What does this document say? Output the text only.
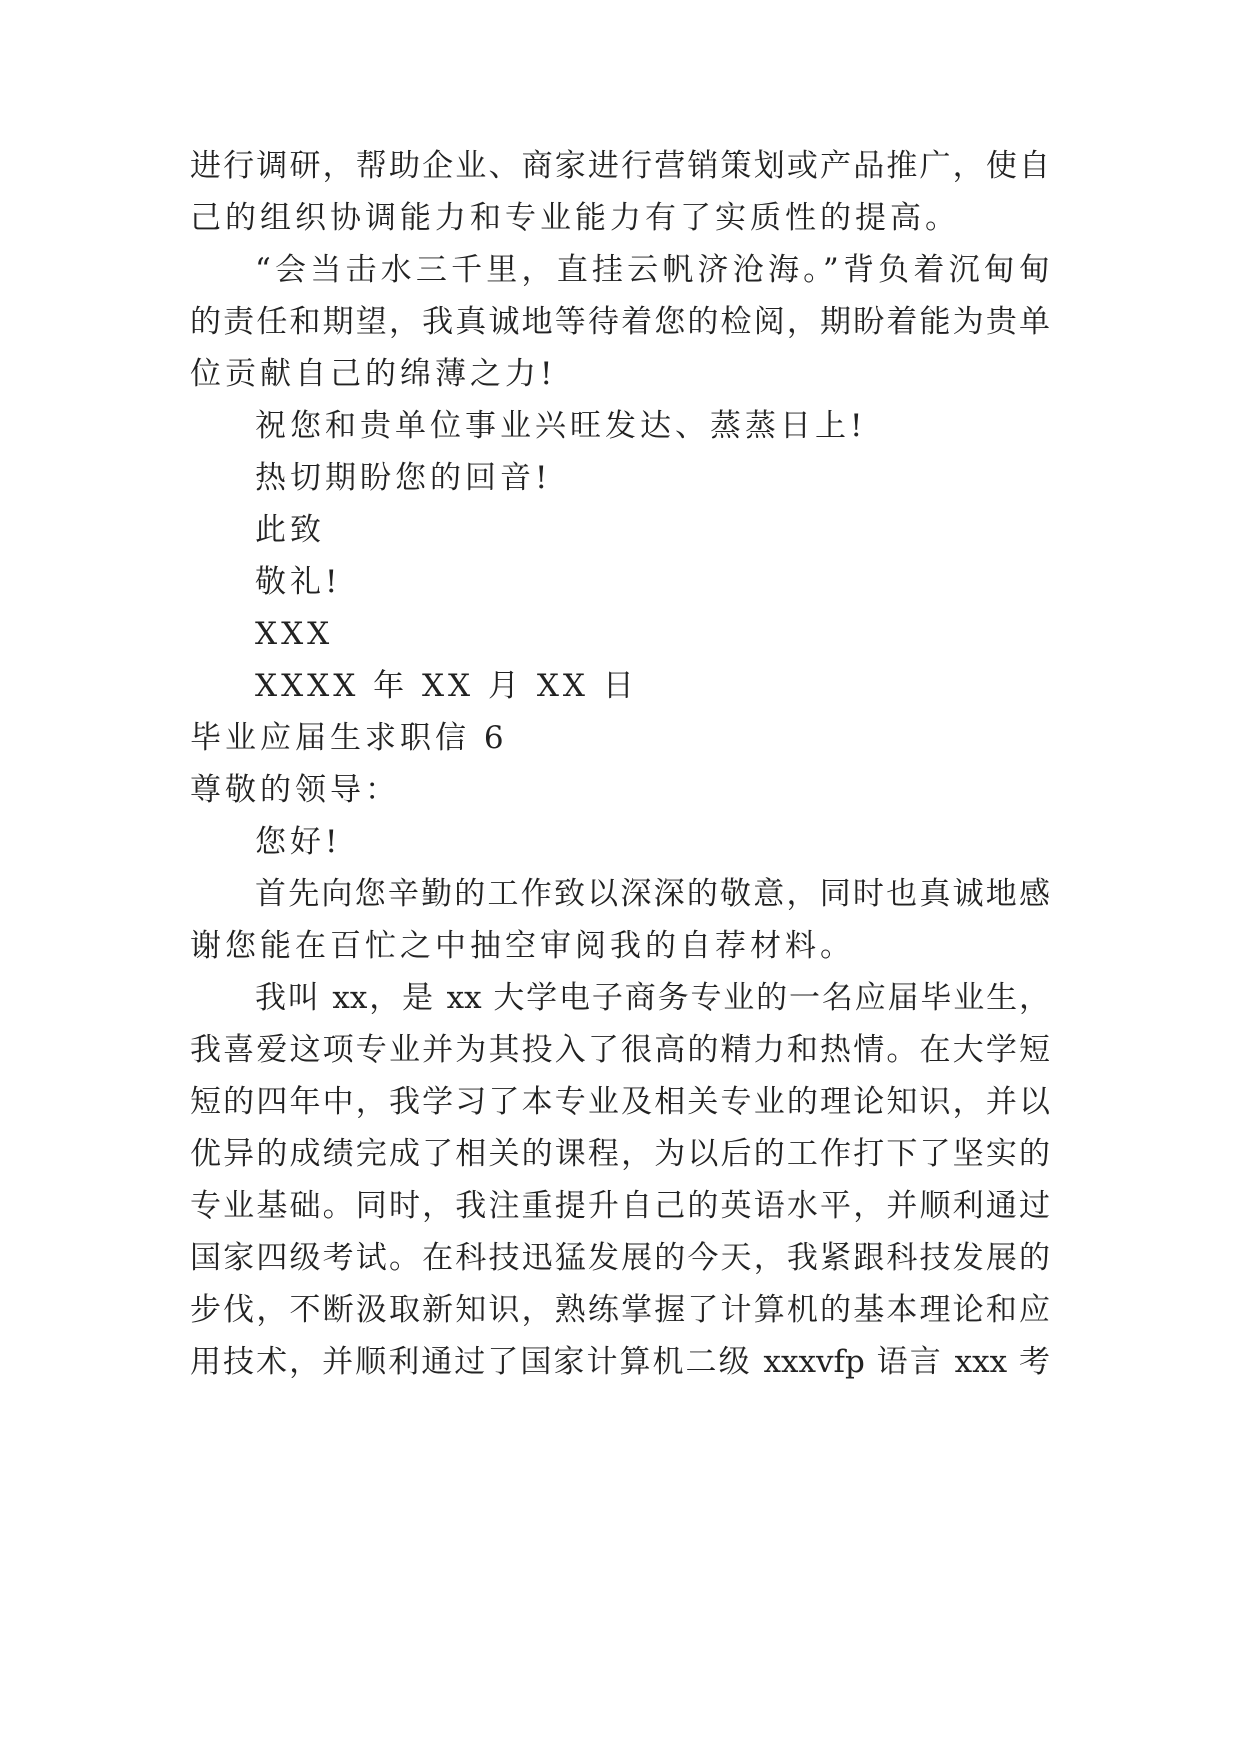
进行调研，帮助企业、商家进行营销策划或产品推广，使自
己的组织协调能力和专业能力有了实质性的提高。
“会当击水三千里，直挂云帆济沧海。”背负着沉甸甸
的责任和期望，我真诚地等待着您的检阅，期盼着能为贵单
位贡献自己的绵薄之力!
祝您和贵单位事业兴旺发达、蒸蒸日上!
热切期盼您的回音!
此致
敬礼!
XXX
XXXX 年 XX 月 XX 日
毕业应届生求职信 6
尊敬的领导：
您好!
首先向您辛勤的工作致以深深的敬意，同时也真诚地感
谢您能在百忙之中抽空审阅我的自荐材料。
我叫 xx，是 xx 大学电子商务专业的一名应届毕业生，
我喜爱这项专业并为其投入了很高的精力和热情。在大学短
短的四年中，我学习了本专业及相关专业的理论知识，并以
优异的成绩完成了相关的课程，为以后的工作打下了坚实的
专业基础。同时，我注重提升自己的英语水平，并顺利通过
国家四级考试。在科技迅猛发展的今天，我紧跟科技发展的
步伐，不断汲取新知识，熟练掌握了计算机的基本理论和应
用技术，并顺利通过了国家计算机二级 xxxvfp 语言 xxx 考
